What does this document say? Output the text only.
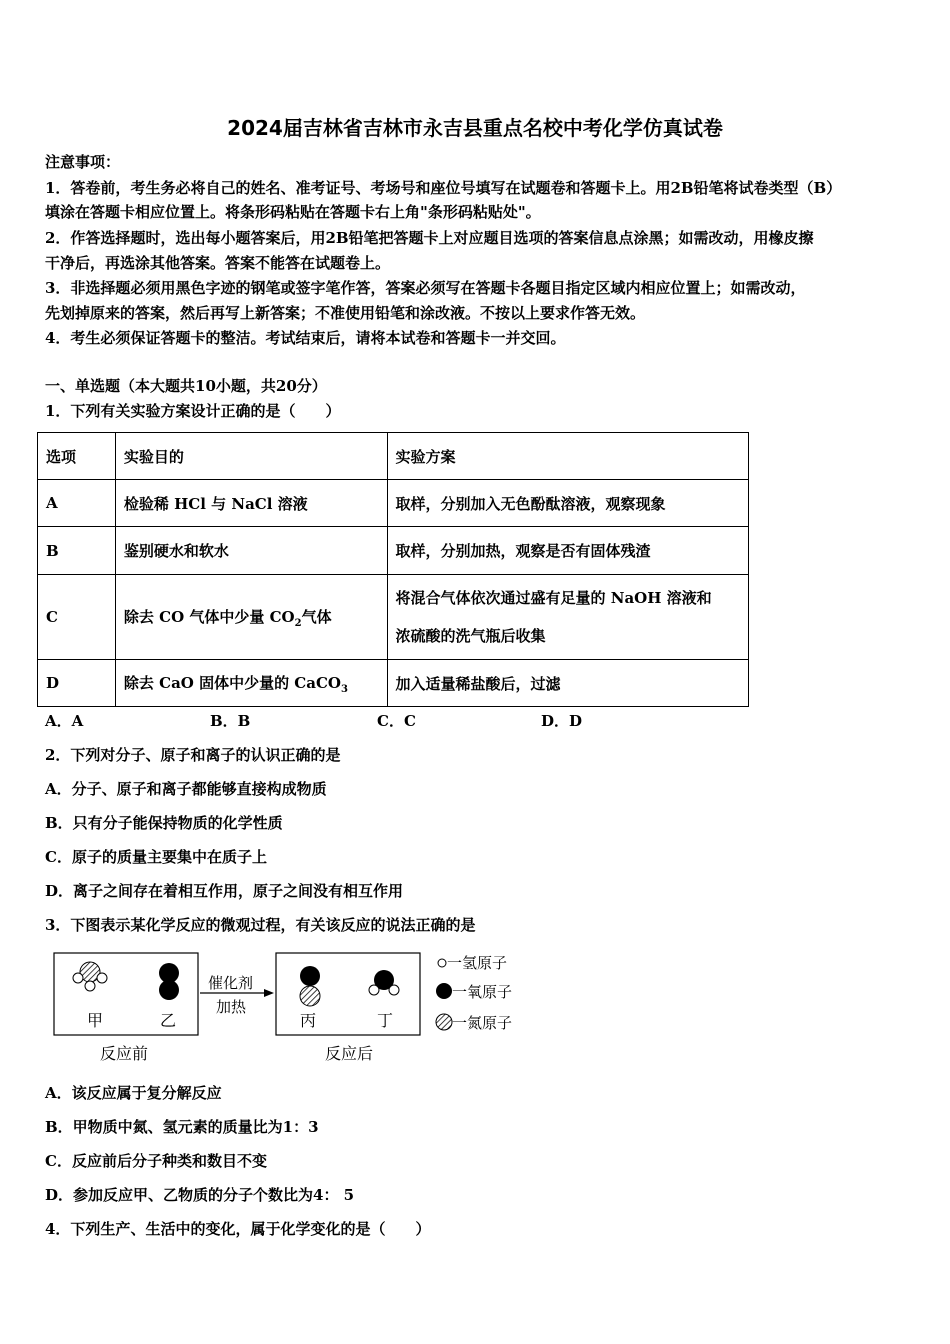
2024届吉林省吉林市永吉县重点名校中考化学仿真试卷
注意事项：
1．答卷前，考生务必将自己的姓名、准考证号、考场号和座位号填写在试题卷和答题卡上。用2B铅笔将试卷类型（B）
填涂在答题卡相应位置上。将条形码粘贴在答题卡右上角"条形码粘贴处"。
2．作答选择题时，选出每小题答案后，用2B铅笔把答题卡上对应题目选项的答案信息点涂黑；如需改动，用橡皮擦
干净后，再选涂其他答案。答案不能答在试题卷上。
3．非选择题必须用黑色字迹的钢笔或签字笔作答，答案必须写在答题卡各题目指定区域内相应位置上；如需改动，
先划掉原来的答案，然后再写上新答案；不准使用铅笔和涂改液。不按以上要求作答无效。
4．考生必须保证答题卡的整洁。考试结束后，请将本试卷和答题卡一并交回。
一、单选题（本大题共10小题，共20分）
1．下列有关实验方案设计正确的是（　　）
选项	实验目的	实验方案
A	检验稀 HCl 与 NaCl 溶液	取样，分别加入无色酚酞溶液，观察现象
B	鉴别硬水和软水	取样，分别加热，观察是否有固体残渣
C	除去 CO 气体中少量 $CO_2$气体	将混合气体依次通过盛有足量的 NaOH 溶液和
浓硫酸的洗气瓶后收集

D	除去 CaO 固体中少量的 CaCO$_3$	加入适量稀盐酸后，过滤
A．A	B．B	C．C	D．D
2．下列对分子、原子和离子的认识正确的是
A．分子、原子和离子都能够直接构成物质
B．只有分子能保持物质的化学性质
C．原子的质量主要集中在质子上
D．离子之间存在着相互作用，原子之间没有相互作用
3．下图表示某化学反应的微观过程，有关该反应的说法正确的是
甲	乙
反应前
催化剂
加热
丙	丁
反应后
一氢原子
一氧原子
一氮原子
A．该反应属于复分解反应
B．甲物质中氮、氢元素的质量比为1：3
C．反应前后分子种类和数目不变
D．参加反应甲、乙物质的分子个数比为4： 5
4．下列生产、生活中的变化，属于化学变化的是（　　）
